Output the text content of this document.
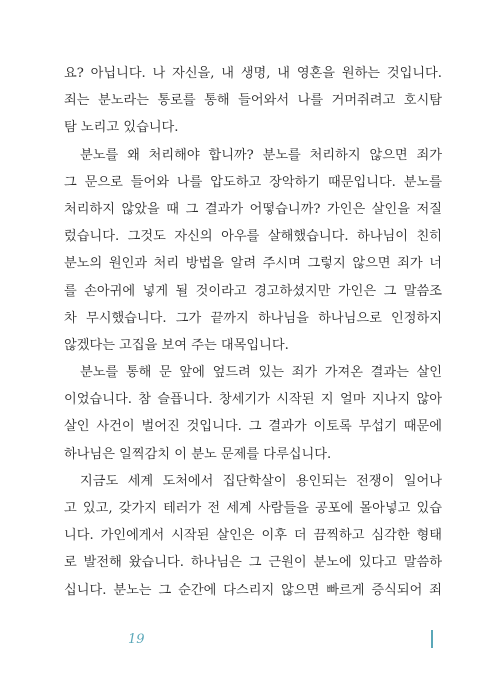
요? 아닙니다. 나 자신을, 내 생명, 내 영혼을 원하는 것입니다.
죄는 분노라는 통로를 통해 들어와서 나를 거머쥐려고 호시탐
탐 노리고 있습니다.
분노를 왜 처리해야 합니까? 분노를 처리하지 않으면 죄가
그 문으로 들어와 나를 압도하고 장악하기 때문입니다. 분노를
처리하지 않았을 때 그 결과가 어떻습니까? 가인은 살인을 저질
렀습니다. 그것도 자신의 아우를 살해했습니다. 하나님이 친히
분노의 원인과 처리 방법을 알려 주시며 그렇지 않으면 죄가 너
를 손아귀에 넣게 될 것이라고 경고하셨지만 가인은 그 말씀조
차 무시했습니다. 그가 끝까지 하나님을 하나님으로 인정하지
않겠다는 고집을 보여 주는 대목입니다.
분노를 통해 문 앞에 엎드려 있는 죄가 가져온 결과는 살인
이었습니다. 참 슬픕니다. 창세기가 시작된 지 얼마 지나지 않아
살인 사건이 벌어진 것입니다. 그 결과가 이토록 무섭기 때문에
하나님은 일찍감치 이 분노 문제를 다루십니다.
지금도 세계 도처에서 집단학살이 용인되는 전쟁이 일어나
고 있고, 갖가지 테러가 전 세계 사람들을 공포에 몰아넣고 있습
니다. 가인에게서 시작된 살인은 이후 더 끔찍하고 심각한 형태
로 발전해 왔습니다. 하나님은 그 근원이 분노에 있다고 말씀하
십니다. 분노는 그 순간에 다스리지 않으면 빠르게 증식되어 죄
19
